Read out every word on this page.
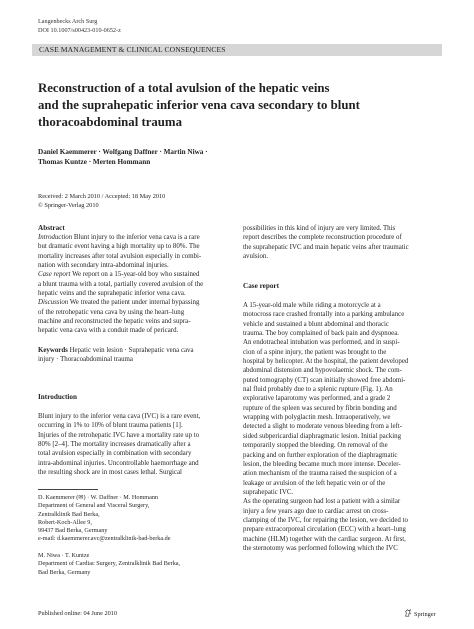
Langenbecks Arch Surg
DOI 10.1007/s00423-010-0652-z
CASE MANAGEMENT & CLINICAL CONSEQUENCES
Reconstruction of a total avulsion of the hepatic veins
and the suprahepatic inferior vena cava secondary to blunt
thoracoabdominal trauma
Daniel Kaemmerer · Wolfgang Daffner · Martin Niwa ·
Thomas Kuntze · Merten Hommann
Received: 2 March 2010 / Accepted: 18 May 2010
© Springer-Verlag 2010
Abstract
Introduction Blunt injury to the inferior vena cava is a rare
but dramatic event having a high mortality up to 80%. The
mortality increases after total avulsion especially in combi-
nation with secondary intra-abdominal injuries.
Case report We report on a 15-year-old boy who sustained
a blunt trauma with a total, partially covered avulsion of the
hepatic veins and the suprahepatic inferior vena cava.
Discussion We treated the patient under internal bypassing
of the retrohepatic vena cava by using the heart–lung
machine and reconstructed the hepatic veins and supra-
hepatic vena cava with a conduit made of pericard.

Keywords Hepatic vein lesion · Suprahepatic vena cava

injury · Thoracoabdominal trauma

Introduction
Blunt injury to the inferior vena cava (IVC) is a rare event,
occurring in 1% to 10% of blunt trauma patients [1].
Injuries of the retrohepatic IVC have a mortality rate up to
80% [2–4]. The mortality increases dramatically after a
total avulsion especially in combination with secondary
intra-abdominal injuries. Uncontrollable haemorrhage and
the resulting shock are in most cases lethal. Surgical
D. Kaemmerer (✉) · W. Daffner · M. Hommann
Department of General and Visceral Surgery,
Zentralklinik Bad Berka,
Robert-Koch-Allee 9,
99437 Bad Berka, Germany
e-mail: d.kaemmerer.avc@zentralklinik-bad-berka.de

M. Niwa · T. Kuntze
Department of Cardiac Surgery, Zentralklinik Bad Berka,
Bad Berka, Germany
possibilities in this kind of injury are very limited. This
report describes the complete reconstruction procedure of
the suprahepatic IVC and main hepatic veins after traumatic
avulsion.
Case report
A 15-year-old male while riding a motorcycle at a
motocross race crashed frontally into a parking ambulance
vehicle and sustained a blunt abdominal and thoracic
trauma. The boy complained of back pain and dyspnoea.
An endotracheal intubation was performed, and in suspi-
cion of a spine injury, the patient was brought to the
hospital by helicopter. At the hospital, the patient developed
abdominal distension and hypovolaemic shock. The com-
puted tomography (CT) scan initially showed free abdomi-
nal fluid probably due to a splenic rupture (Fig. 1). An
explorative laparotomy was performed, and a grade 2
rupture of the spleen was secured by fibrin bonding and
wrapping with polyglactin mesh. Intraoperatively, we
detected a slight to moderate venous bleeding from a left-
sided subpericardial diaphragmatic lesion. Initial packing
temporarily stopped the bleeding. On removal of the
packing and on further exploration of the diaphragmatic
lesion, the bleeding became much more intense. Deceler-
ation mechanism of the trauma raised the suspicion of a
leakage or avulsion of the left hepatic vein or of the
suprahepatic IVC.
As the operating surgeon had lost a patient with a similar
injury a few years ago due to cardiac arrest on cross-
clamping of the IVC, for repairing the lesion, we decided to
prepare extracorporeal circulation (ECC) with a heart–lung
machine (HLM) together with the cardiac surgeon. At first,
the sternotomy was performed following which the IVC
Published online: 04 June 2010	Springer
